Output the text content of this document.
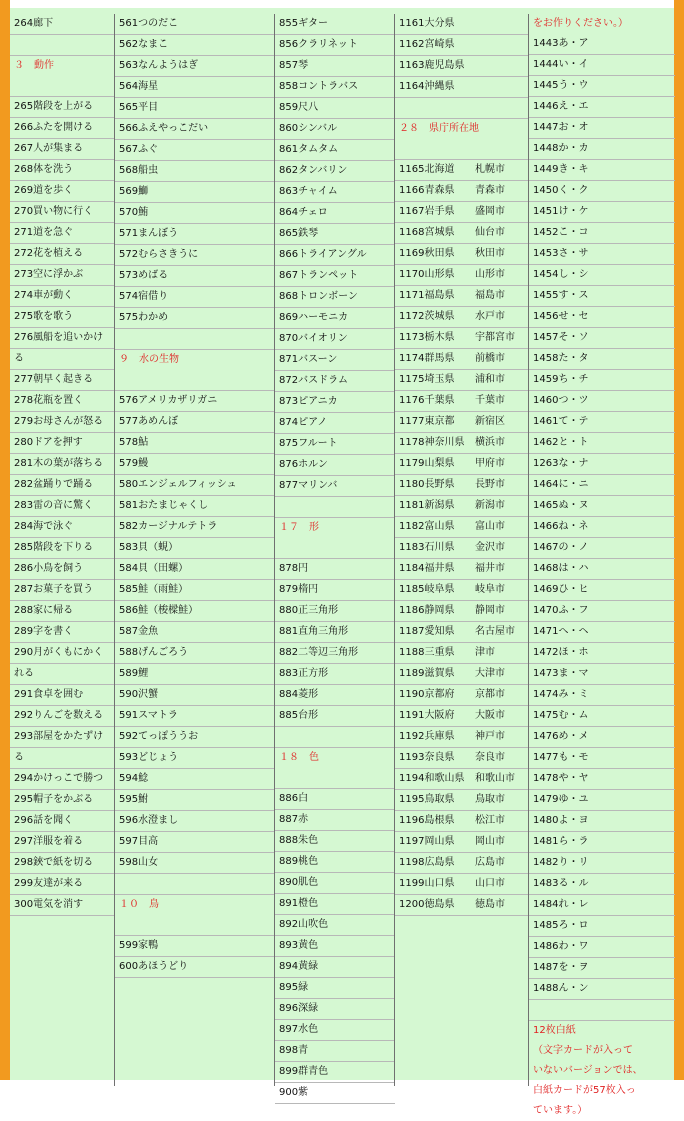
264廊下
３　動作
265階段を上がる
266ふたを開ける
267人が集まる
268体を洗う
269道を歩く
270買い物に行く
271道を急ぐ
272花を植える
273空に浮かぶ
274車が動く
275歌を歌う
276風船を追いかけ
る
277朝早く起きる
278花瓶を置く
279お母さんが怒る
280ドアを押す
281木の葉が落ちる
282盆踊りで踊る
283雷の音に驚く
284海で泳ぐ
285階段を下りる
286小鳥を飼う
287お菓子を買う
288家に帰る
289字を書く
290月がくもにかく
れる
291食卓を囲む
292りんごを数える
293部屋をかたずけ
る
294かけっこで勝つ
295帽子をかぶる
296話を聞く
297洋服を着る
298鋏で紙を切る
299友達が来る
300電気を消す
561つのだこ
562なまこ
563なんようはぎ
564海星
565平目
566ふえやっこだい
567ふぐ
568船虫
569鰤
570鮪
571まんぼう
572むらさきうに
573めばる
574宿借り
575わかめ
９　水の生物
576アメリカザリガニ
577あめんぼ
578鮎
579鰻
580エンジェルフィッシュ
581おたまじゃくし
582カージナルテトラ
583貝（蜆）
584貝（田螺）
585鮭（雨鮭）
586鮭（梭樑鮭）
587金魚
588げんごろう
589鯉
590沢蟹
591スマトラ
592てっぽううお
593どじょう
594鯰
595鮒
596水澄まし
597目高
598山女
１０　鳥
599家鴨
600あほうどり
855ギター
856クラリネット
857琴
858コントラバス
859尺八
860シンバル
861タムタム
862タンバリン
863チャイム
864チェロ
865鉄琴
866トライアングル
867トランペット
868トロンボーン
869ハーモニカ
870バイオリン
871バスーン
872バスドラム
873ピアニカ
874ピアノ
875フルート
876ホルン
877マリンバ
１７　形
878円
879楕円
880正三角形
881直角三角形
882二等辺三角形
883正方形
884菱形
885台形
１８　色
886白
887赤
888朱色
889桃色
890肌色
891橙色
892山吹色
893黄色
894黄緑
895緑
896深緑
897水色
898青
899群青色
900紫
1161大分県
1162宮崎県
1163鹿児島県
1164沖縄県
２８　県庁所在地
1165北海道 札幌市
1166青森県 青森市
1167岩手県 盛岡市
1168宮城県 仙台市
1169秋田県 秋田市
1170山形県 山形市
1171福島県 福島市
1172茨城県 水戸市
1173栃木県 宇都宮市
1174群馬県 前橋市
1175埼玉県 浦和市
1176千葉県 千葉市
1177東京都 新宿区
1178神奈川県 横浜市
1179山梨県 甲府市
1180長野県 長野市
1181新潟県 新潟市
1182富山県 富山市
1183石川県 金沢市
1184福井県 福井市
1185岐阜県 岐阜市
1186静岡県 静岡市
1187愛知県 名古屋市
1188三重県 津市
1189滋賀県 大津市
1190京都府 京都市
1191大阪府 大阪市
1192兵庫県 神戸市
1193奈良県 奈良市
1194和歌山県 和歌山市
1195鳥取県 鳥取市
1196島根県 松江市
1197岡山県 岡山市
1198広島県 広島市
1199山口県 山口市
1200徳島県 徳島市
をお作りください。）
1443あ・ア
1444い・イ
1445う・ウ
1446え・エ
1447お・オ
1448か・カ
1449き・キ
1450く・ク
1451け・ケ
1452こ・コ
1453さ・サ
1454し・シ
1455す・ス
1456せ・セ
1457そ・ソ
1458た・タ
1459ち・チ
1460つ・ツ
1461て・テ
1462と・ト
1263な・ナ
1464に・ニ
1465ぬ・ヌ
1466ね・ネ
1467の・ノ
1468は・ハ
1469ひ・ヒ
1470ふ・フ
1471へ・ヘ
1472ほ・ホ
1473ま・マ
1474み・ミ
1475む・ム
1476め・メ
1477も・モ
1478や・ヤ
1479ゆ・ユ
1480よ・ヨ
1481ら・ラ
1482り・リ
1483る・ル
1484れ・レ
1485ろ・ロ
1486わ・ワ
1487を・ヲ
1488ん・ン
12枚白紙
（文字カードが入って
いないバージョンでは、
白紙カードが57枚入っ
ています。）
